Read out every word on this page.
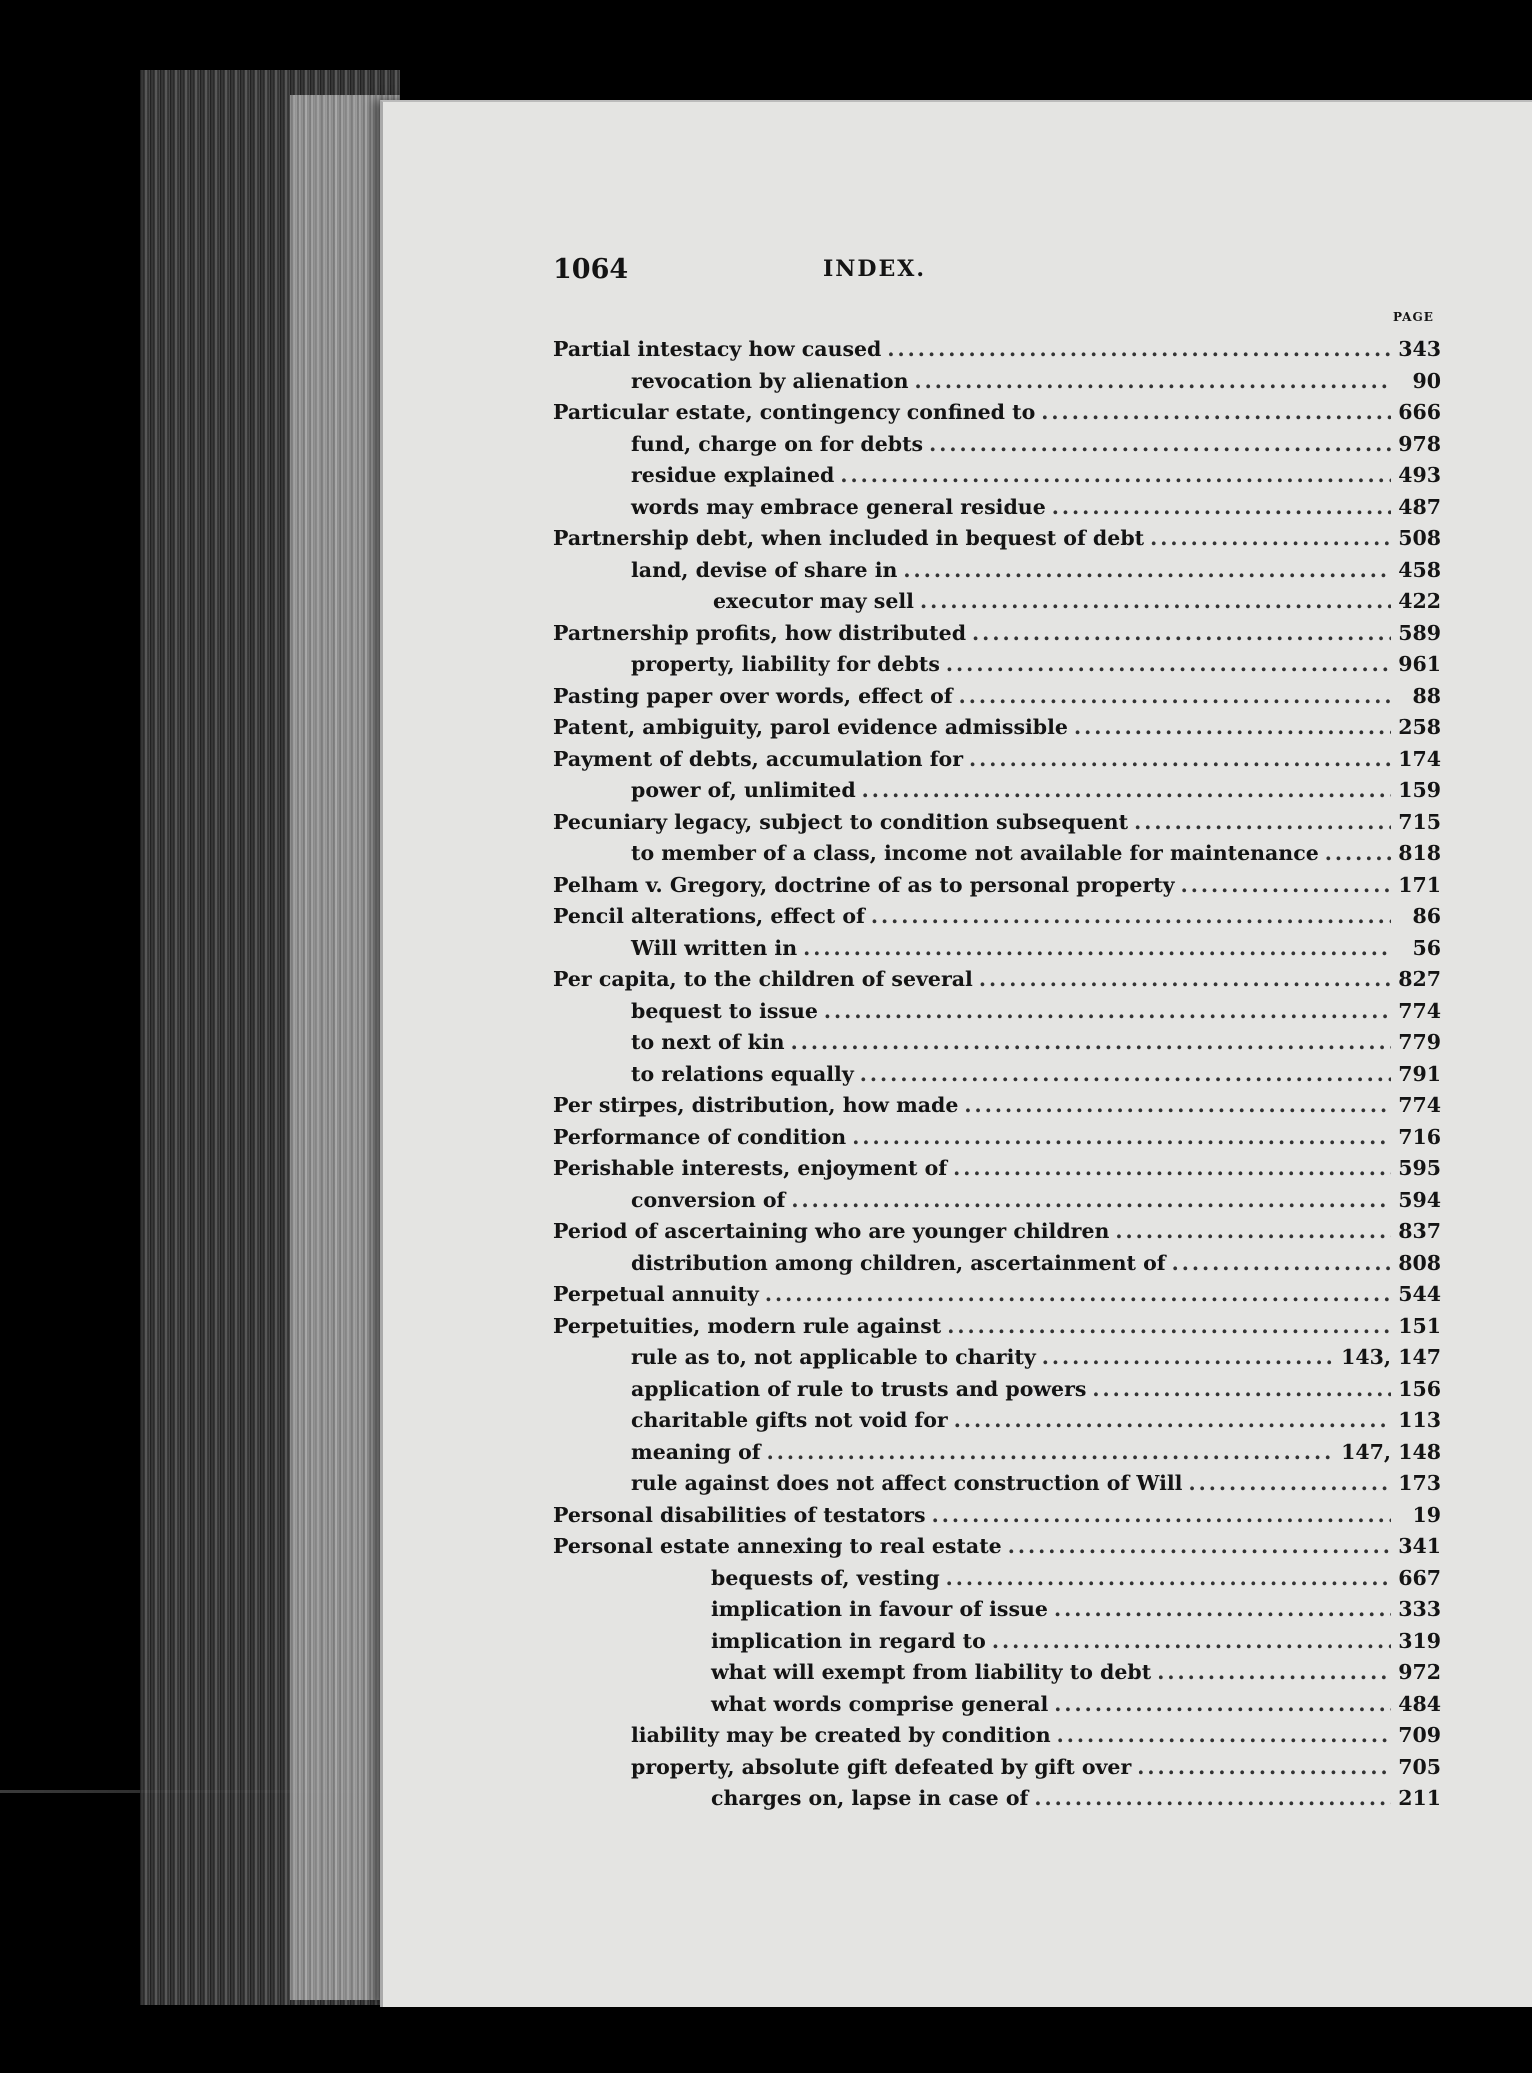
1064	INDEX.
PAGE
Partial intestacy how caused .....	343
revocation by alienation .....	90
Particular estate, contingency confined to .....	666
fund, charge on for debts .....	978
residue explained .....	493
words may embrace general residue .....	487
Partnership debt, when included in bequest of debt .....	508
land, devise of share in .....	458
executor may sell .....	422
Partnership profits, how distributed .....	589
property, liability for debts .....	961
Pasting paper over words, effect of .....	88
Patent, ambiguity, parol evidence admissible .....	258
Payment of debts, accumulation for .....	174
power of, unlimited .....	159
Pecuniary legacy, subject to condition subsequent .....	715
to member of a class, income not available for maintenance .....	818
Pelham v. Gregory, doctrine of as to personal property .....	171
Pencil alterations, effect of .....	86
Will written in .....	56
Per capita, to the children of several .....	827
bequest to issue .....	774
to next of kin .....	779
to relations equally .....	791
Per stirpes, distribution, how made .....	774
Performance of condition .....	716
Perishable interests, enjoyment of .....	595
conversion of .....	594
Period of ascertaining who are younger children .....	837
distribution among children, ascertainment of .....	808
Perpetual annuity .....	544
Perpetuities, modern rule against .....	151
rule as to, not applicable to charity .....	143, 147
application of rule to trusts and powers .....	156
charitable gifts not void for .....	113
meaning of .....	147, 148
rule against does not affect construction of Will .....	173
Personal disabilities of testators .....	19
Personal estate annexing to real estate .....	341
bequests of, vesting .....	667
implication in favour of issue .....	333
implication in regard to .....	319
what will exempt from liability to debt .....	972
what words comprise general .....	484
liability may be created by condition .....	709
property, absolute gift defeated by gift over .....	705
charges on, lapse in case of .....	211
